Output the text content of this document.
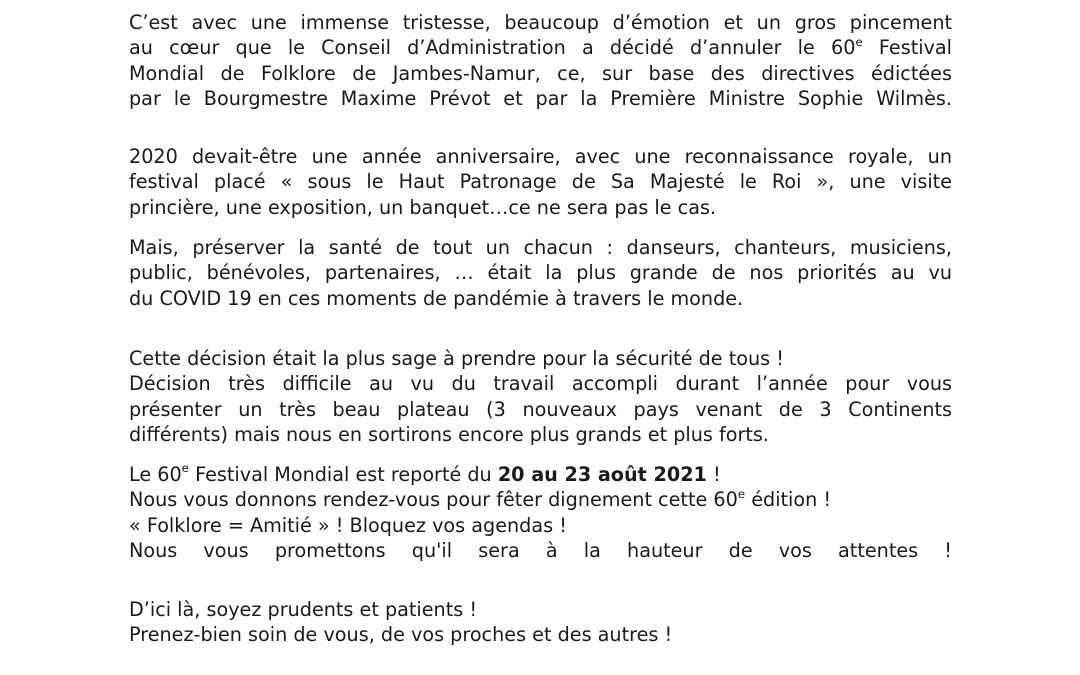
C’est avec une immense tristesse, beaucoup d’émotion et un gros pincement
au cœur que le Conseil d’Administration a décidé d’annuler le 60e Festival
Mondial de Folklore de Jambes-Namur, ce, sur base des directives édictées
par le Bourgmestre Maxime Prévot et par la Première Ministre Sophie Wilmès.
2020 devait-être une année anniversaire, avec une reconnaissance royale, un
festival placé « sous le Haut Patronage de Sa Majesté le Roi », une visite
princière, une exposition, un banquet…ce ne sera pas le cas.
Mais, préserver la santé de tout un chacun : danseurs, chanteurs, musiciens,
public, bénévoles, partenaires, … était la plus grande de nos priorités au vu
du COVID 19 en ces moments de pandémie à travers le monde.
Cette décision était la plus sage à prendre pour la sécurité de tous !
Décision très difficile au vu du travail accompli durant l’année pour vous
présenter un très beau plateau (3 nouveaux pays venant de 3 Continents
différents) mais nous en sortirons encore plus grands et plus forts.
Le 60e Festival Mondial est reporté du 20 au 23 août 2021 !
Nous vous donnons rendez-vous pour fêter dignement cette 60e édition !
« Folklore = Amitié » ! Bloquez vos agendas !
Nous vous promettons qu'il sera à la hauteur de vos attentes !
D’ici là, soyez prudents et patients !
Prenez-bien soin de vous, de vos proches et des autres !
